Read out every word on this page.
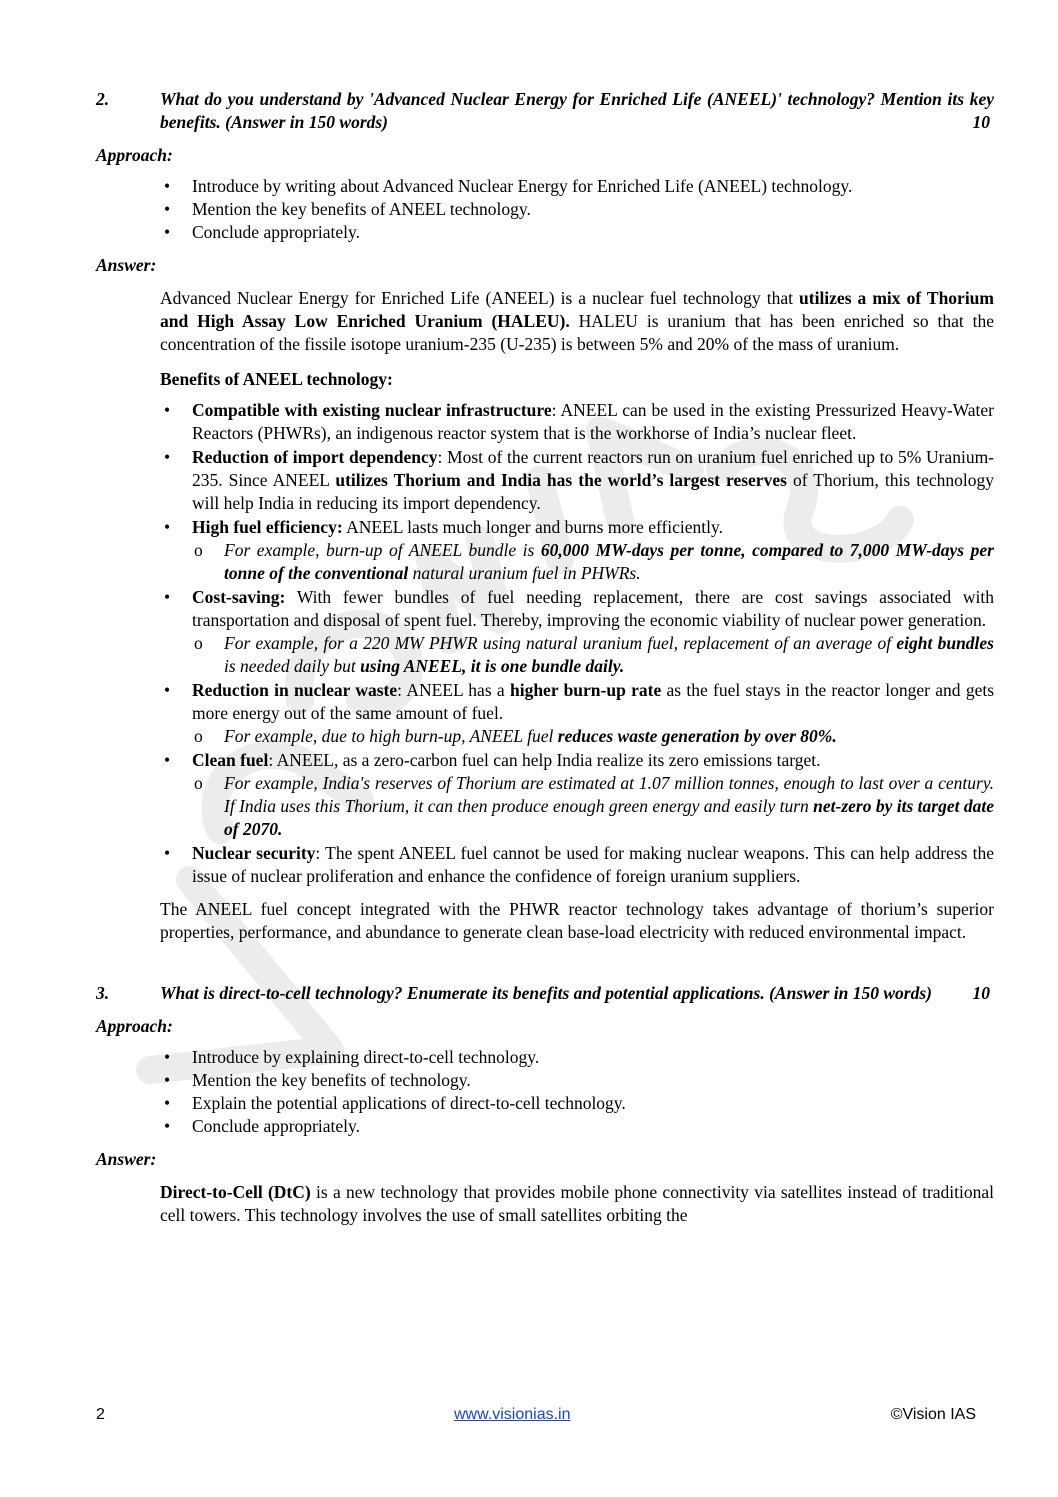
2.	What do you understand by 'Advanced Nuclear Energy for Enriched Life (ANEEL)' technology? Mention its key benefits. (Answer in 150 words)	10
Approach:
• Introduce by writing about Advanced Nuclear Energy for Enriched Life (ANEEL) technology.
• Mention the key benefits of ANEEL technology.
• Conclude appropriately.
Answer:
Advanced Nuclear Energy for Enriched Life (ANEEL) is a nuclear fuel technology that utilizes a mix of Thorium and High Assay Low Enriched Uranium (HALEU). HALEU is uranium that has been enriched so that the concentration of the fissile isotope uranium-235 (U-235) is between 5% and 20% of the mass of uranium.
Benefits of ANEEL technology:
• Compatible with existing nuclear infrastructure: ANEEL can be used in the existing Pressurized Heavy-Water Reactors (PHWRs), an indigenous reactor system that is the workhorse of India’s nuclear fleet.
• Reduction of import dependency: Most of the current reactors run on uranium fuel enriched up to 5% Uranium-235. Since ANEEL utilizes Thorium and India has the world’s largest reserves of Thorium, this technology will help India in reducing its import dependency.
• High fuel efficiency: ANEEL lasts much longer and burns more efficiently.
o For example, burn-up of ANEEL bundle is 60,000 MW-days per tonne, compared to 7,000 MW-days per tonne of the conventional natural uranium fuel in PHWRs.
• Cost-saving: With fewer bundles of fuel needing replacement, there are cost savings associated with transportation and disposal of spent fuel. Thereby, improving the economic viability of nuclear power generation.
o For example, for a 220 MW PHWR using natural uranium fuel, replacement of an average of eight bundles is needed daily but using ANEEL, it is one bundle daily.
• Reduction in nuclear waste: ANEEL has a higher burn-up rate as the fuel stays in the reactor longer and gets more energy out of the same amount of fuel.
o For example, due to high burn-up, ANEEL fuel reduces waste generation by over 80%.
• Clean fuel: ANEEL, as a zero-carbon fuel can help India realize its zero emissions target.
o For example, India's reserves of Thorium are estimated at 1.07 million tonnes, enough to last over a century. If India uses this Thorium, it can then produce enough green energy and easily turn net-zero by its target date of 2070.
• Nuclear security: The spent ANEEL fuel cannot be used for making nuclear weapons. This can help address the issue of nuclear proliferation and enhance the confidence of foreign uranium suppliers.
The ANEEL fuel concept integrated with the PHWR reactor technology takes advantage of thorium’s superior properties, performance, and abundance to generate clean base-load electricity with reduced environmental impact.
3.	What is direct-to-cell technology? Enumerate its benefits and potential applications. (Answer in 150 words) 10
Approach:
• Introduce by explaining direct-to-cell technology.
• Mention the key benefits of technology.
• Explain the potential applications of direct-to-cell technology.
• Conclude appropriately.
Answer:
Direct-to-Cell (DtC) is a new technology that provides mobile phone connectivity via satellites instead of traditional cell towers. This technology involves the use of small satellites orbiting the
2	www.visionias.in	©Vision IAS
